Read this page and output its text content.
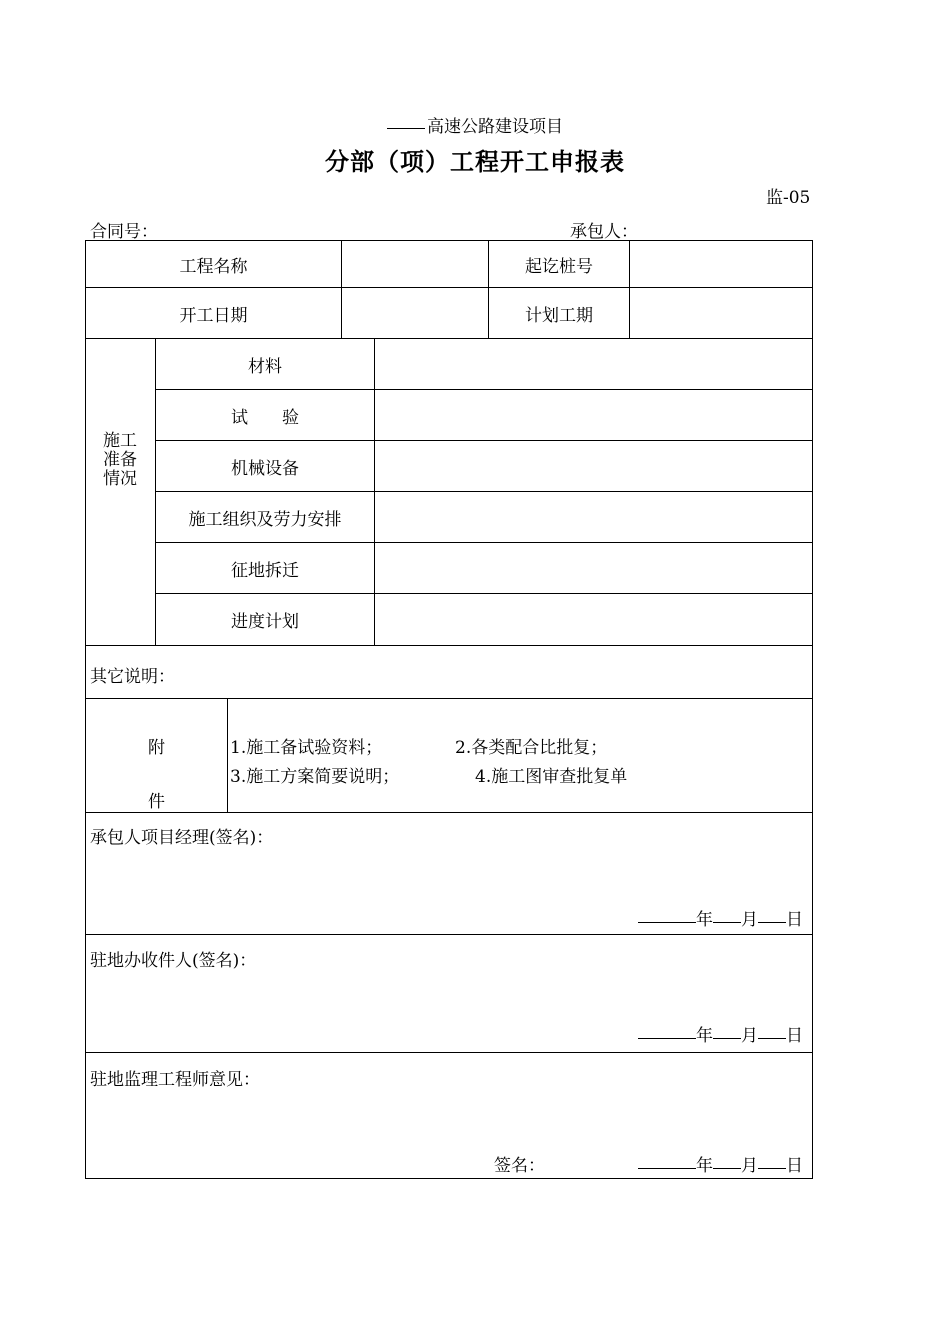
高速公路建设项目
分部（项）工程开工申报表
监-05
合同号：	承包人：
工程名称	起讫桩号
开工日期	计划工期
施工准备情况
材料
试　　验
机械设备
施工组织及劳力安排
征地拆迁
进度计划
其它说明：
附
件
1.施工备试验资料；	2.各类配合比批复；
3.施工方案简要说明；	4.施工图审查批复单
承包人项目经理(签名)：
年 月 日
驻地办收件人(签名)：
年 月 日
驻地监理工程师意见：
签名：	年 月 日
